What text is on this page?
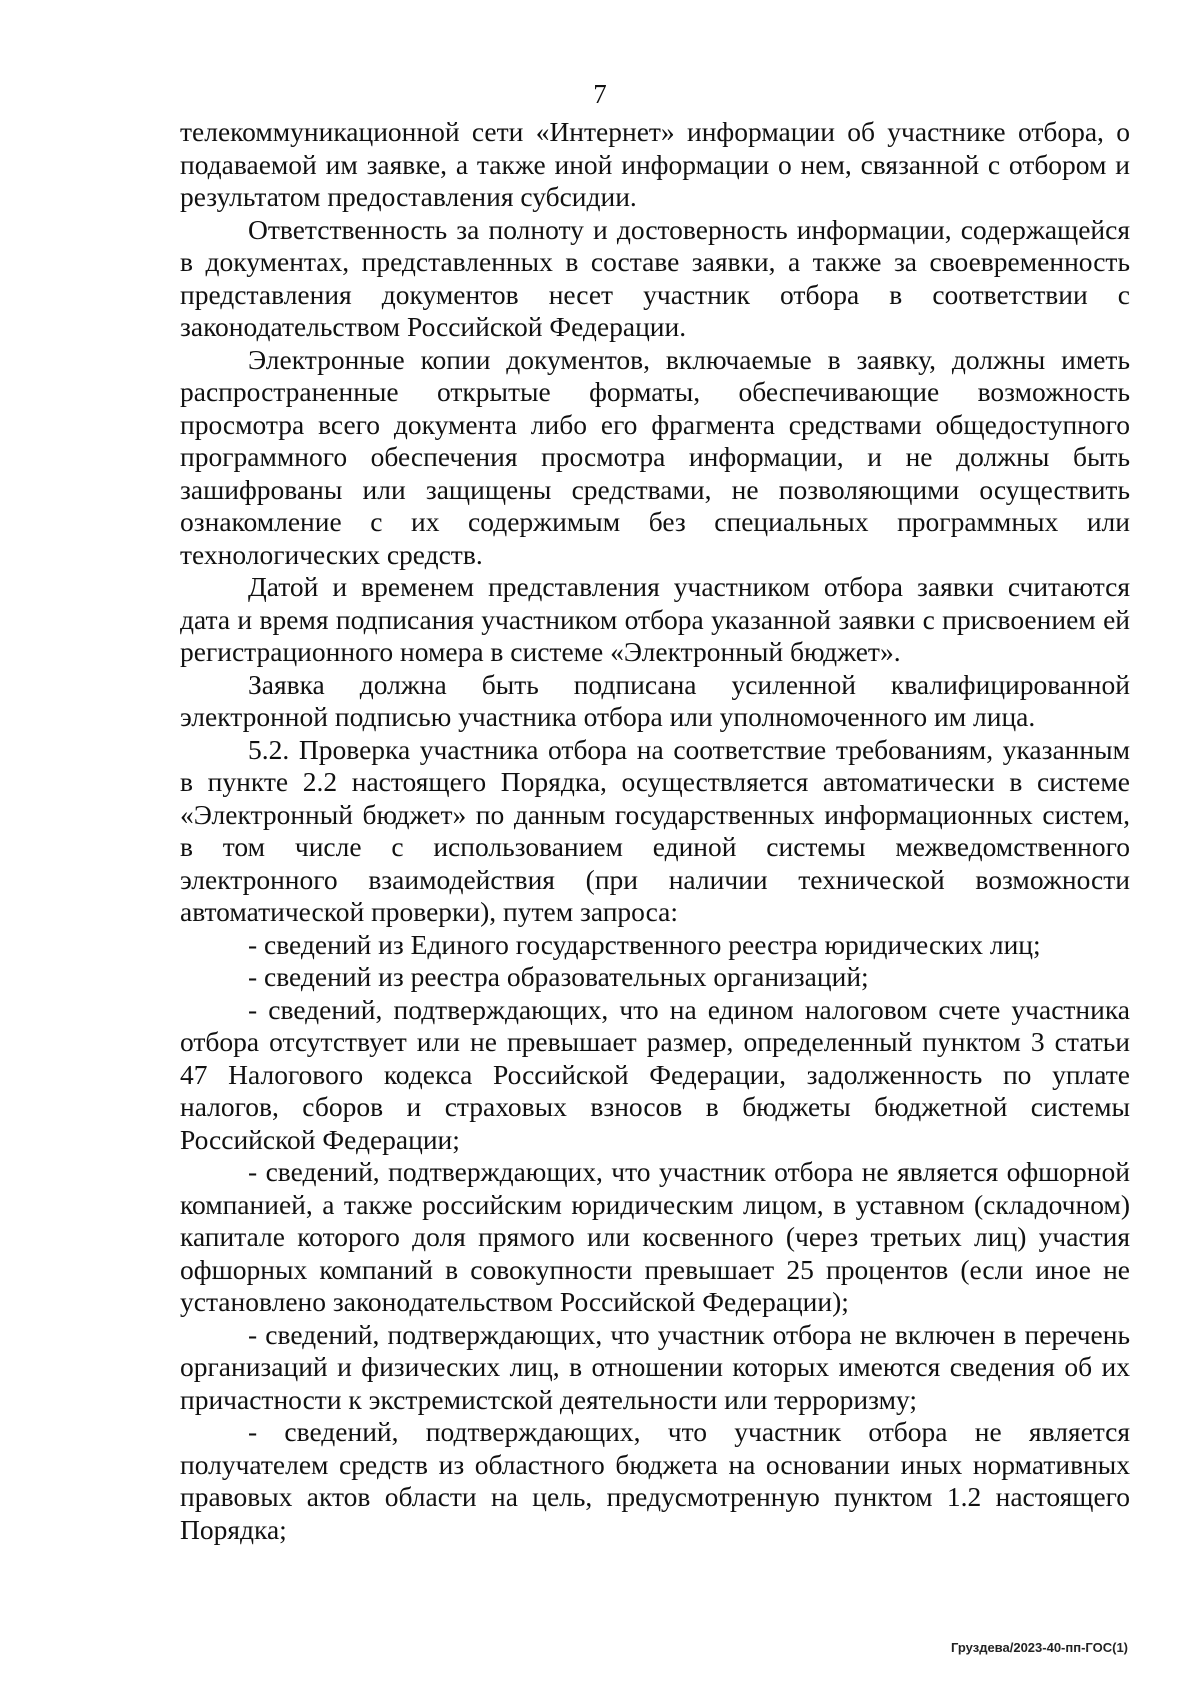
7

телекоммуникационной сети «Интернет» информации об участнике отбора, о подаваемой им заявке, а также иной информации о нем, связанной с отбором и результатом предоставления субсидии.

Ответственность за полноту и достоверность информации, содержащейся в документах, представленных в составе заявки, а также за своевременность представления документов несет участник отбора в соответствии с законодательством Российской Федерации.

Электронные копии документов, включаемые в заявку, должны иметь распространенные открытые форматы, обеспечивающие возможность просмотра всего документа либо его фрагмента средствами общедоступного программного обеспечения просмотра информации, и не должны быть зашифрованы или защищены средствами, не позволяющими осуществить ознакомление с их содержимым без специальных программных или технологических средств.

Датой и временем представления участником отбора заявки считаются дата и время подписания участником отбора указанной заявки с присвоением ей регистрационного номера в системе «Электронный бюджет».

Заявка должна быть подписана усиленной квалифицированной электронной подписью участника отбора или уполномоченного им лица.

5.2. Проверка участника отбора на соответствие требованиям, указанным в пункте 2.2 настоящего Порядка, осуществляется автоматически в системе «Электронный бюджет» по данным государственных информационных систем, в том числе с использованием единой системы межведомственного электронного взаимодействия (при наличии технической возможности автоматической проверки), путем запроса:

- сведений из Единого государственного реестра юридических лиц;

- сведений из реестра образовательных организаций;

- сведений, подтверждающих, что на едином налоговом счете участника отбора отсутствует или не превышает размер, определенный пунктом 3 статьи 47 Налогового кодекса Российской Федерации, задолженность по уплате налогов, сборов и страховых взносов в бюджеты бюджетной системы Российской Федерации;

- сведений, подтверждающих, что участник отбора не является офшорной компанией, а также российским юридическим лицом, в уставном (складочном) капитале которого доля прямого или косвенного (через третьих лиц) участия офшорных компаний в совокупности превышает 25 процентов (если иное не установлено законодательством Российской Федерации);

- сведений, подтверждающих, что участник отбора не включен в перечень организаций и физических лиц, в отношении которых имеются сведения об их причастности к экстремистской деятельности или терроризму;

- сведений, подтверждающих, что участник отбора не является получателем средств из областного бюджета на основании иных нормативных правовых актов области на цель, предусмотренную пунктом 1.2 настоящего Порядка;

Груздева/2023-40-пп-ГОС(1)
